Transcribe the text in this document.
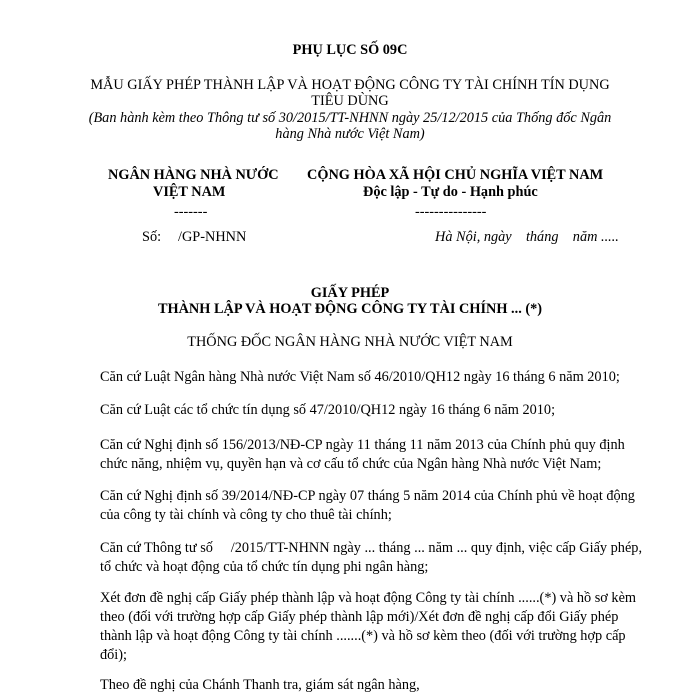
PHỤ LỤC SỐ 09C
MẪU GIẤY PHÉP THÀNH LẬP VÀ HOẠT ĐỘNG CÔNG TY TÀI CHÍNH TÍN DỤNG
TIÊU DÙNG
(Ban hành kèm theo Thông tư số 30/2015/TT-NHNN ngày 25/12/2015 của Thống đốc Ngân
hàng Nhà nước Việt Nam)
NGÂN HÀNG NHÀ NƯỚC
VIỆT NAM
-------
Số: /GP-NHNN
CỘNG HÒA XÃ HỘI CHỦ NGHĨA VIỆT NAM
Độc lập - Tự do - Hạnh phúc
---------------
Hà Nội, ngày    tháng    năm .....
GIẤY PHÉP
THÀNH LẬP VÀ HOẠT ĐỘNG CÔNG TY TÀI CHÍNH ... (*)
THỐNG ĐỐC NGÂN HÀNG NHÀ NƯỚC VIỆT NAM

Căn cứ Luật Ngân hàng Nhà nước Việt Nam số 46/2010/QH12 ngày 16 tháng 6 năm 2010;

Căn cứ Luật các tổ chức tín dụng số 47/2010/QH12 ngày 16 tháng 6 năm 2010;

Căn cứ Nghị định số 156/2013/NĐ-CP ngày 11 tháng 11 năm 2013 của Chính phủ quy định

chức năng, nhiệm vụ, quyền hạn và cơ cấu tổ chức của Ngân hàng Nhà nước Việt Nam;

Căn cứ Nghị định số 39/2014/NĐ-CP ngày 07 tháng 5 năm 2014 của Chính phủ về hoạt động

của công ty tài chính và công ty cho thuê tài chính;

Căn cứ Thông tư số     /2015/TT-NHNN ngày ... tháng ... năm ... quy định, việc cấp Giấy phép,

tổ chức và hoạt động của tổ chức tín dụng phi ngân hàng;

Xét đơn đề nghị cấp Giấy phép thành lập và hoạt động Công ty tài chính ......(*) và hồ sơ kèm

theo (đối với trường hợp cấp Giấy phép thành lập mới)/Xét đơn đề nghị cấp đổi Giấy phép

thành lập và hoạt động Công ty tài chính .......(*) và hồ sơ kèm theo (đối với trường hợp cấp

đổi);

Theo đề nghị của Chánh Thanh tra, giám sát ngân hàng,
